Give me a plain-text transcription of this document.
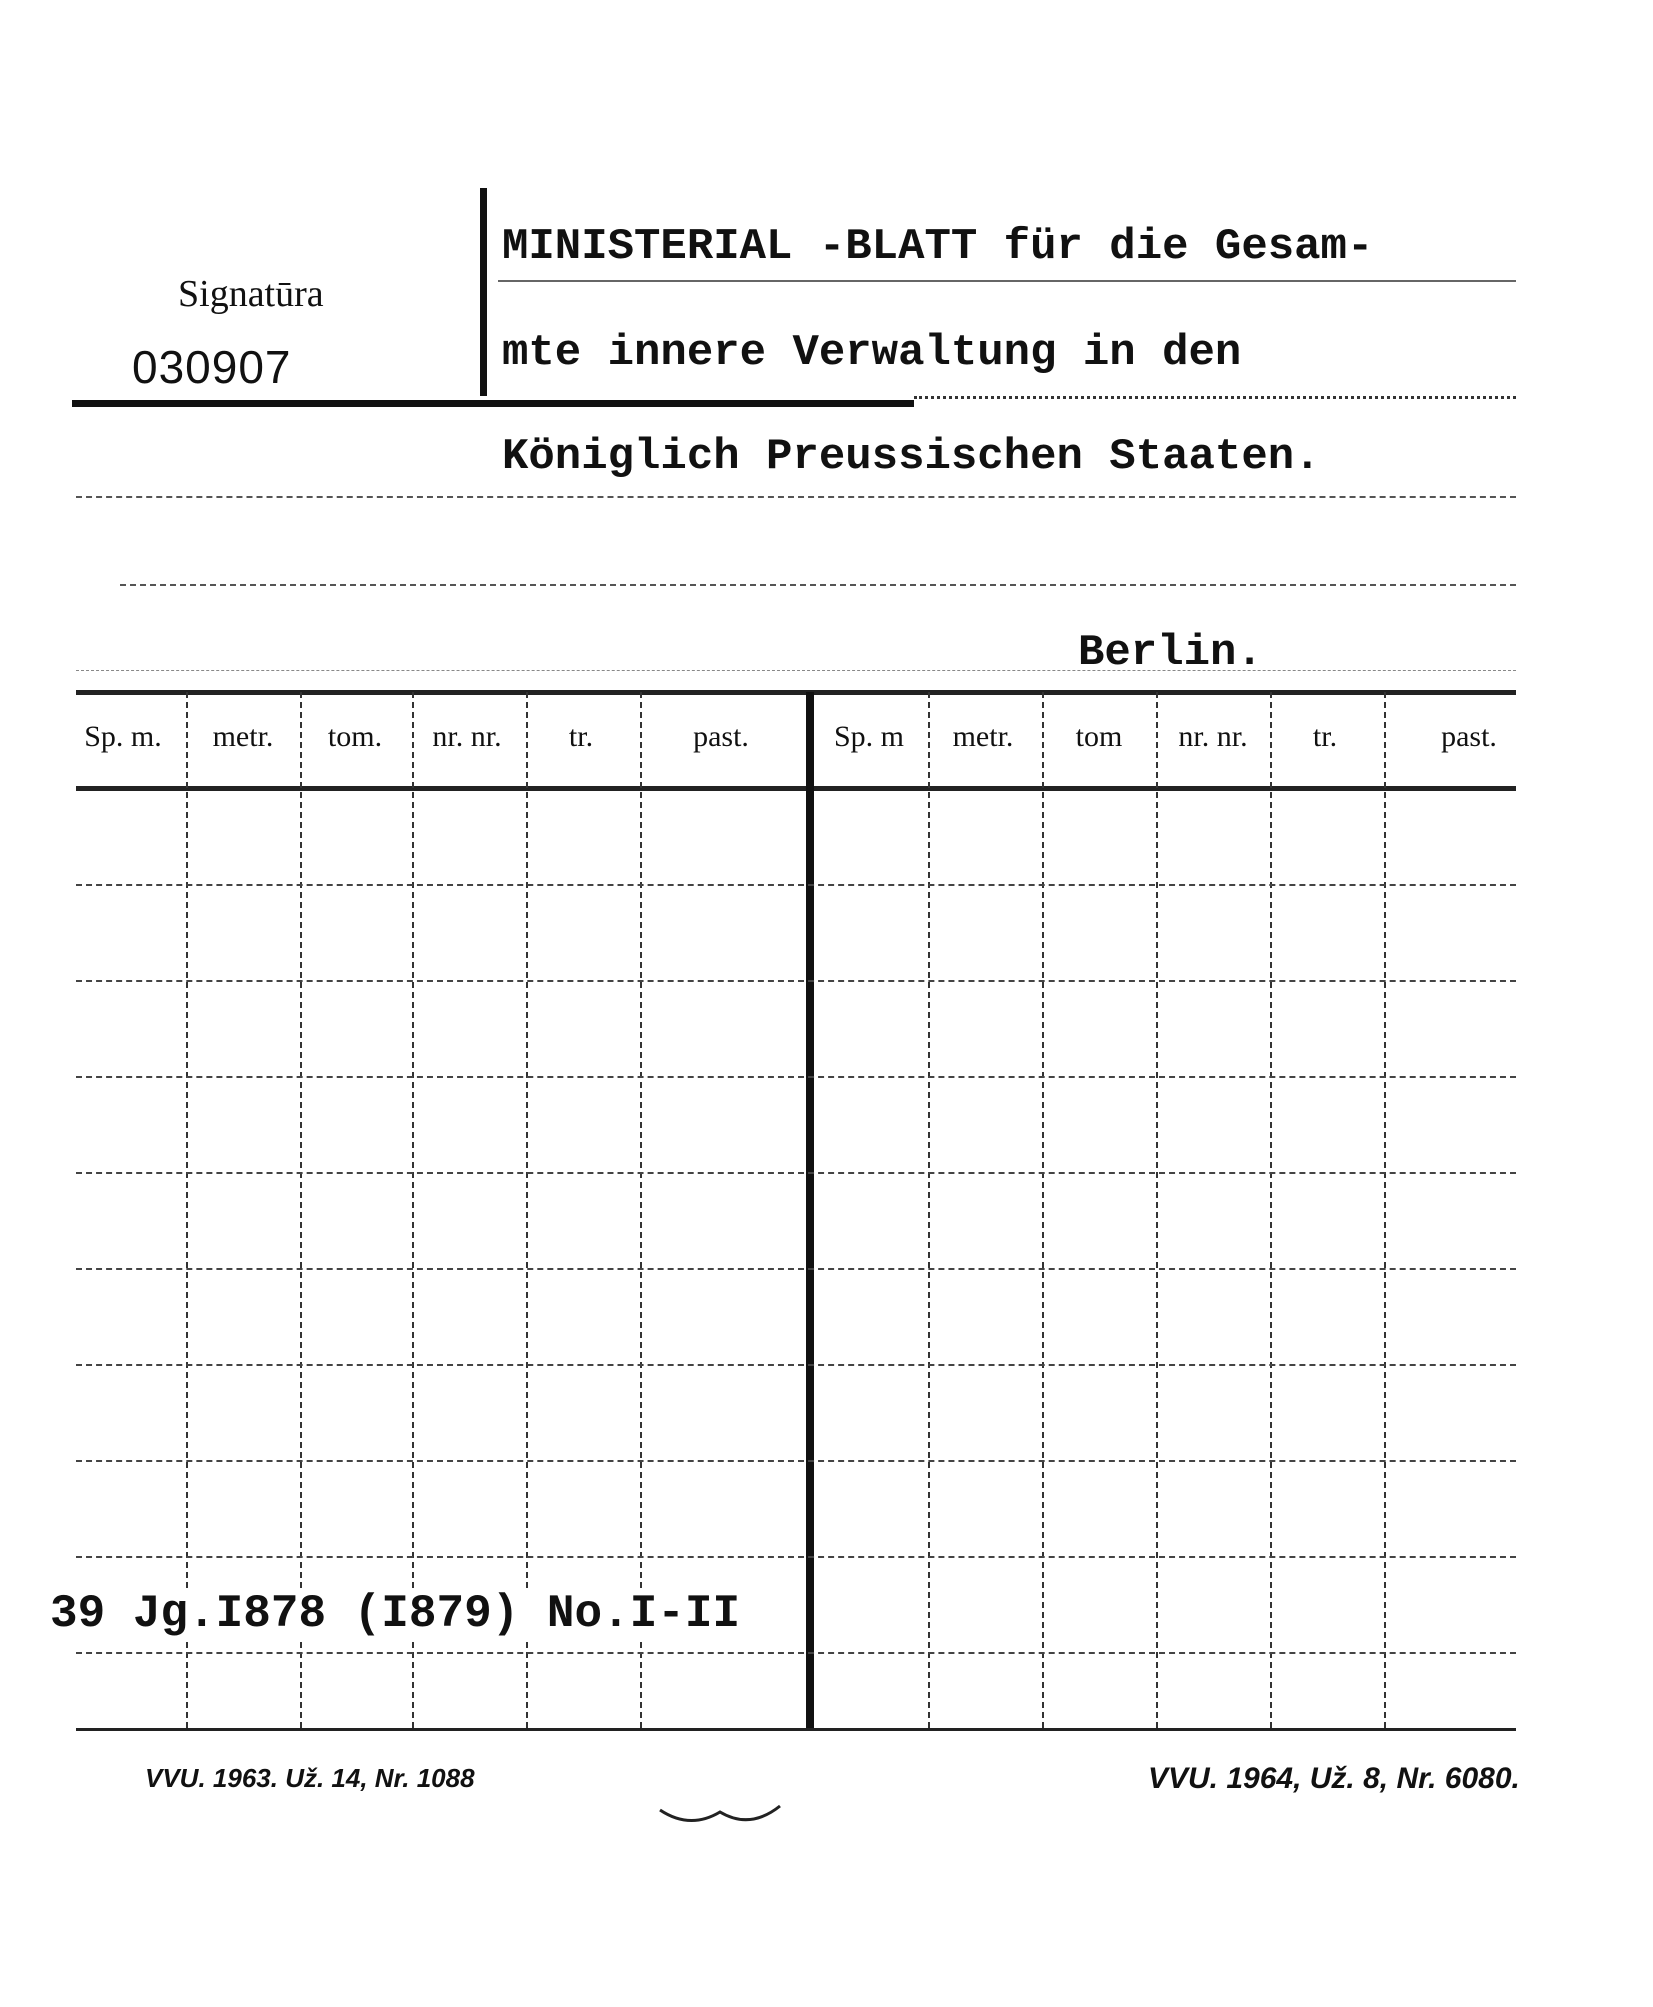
Signatūra
030907
MINISTERIAL -BLATT für die Gesam-
mte innere Verwaltung in den
Königlich Preussischen Staaten.
Berlin.
Sp. m.	metr.	tom.	nr. nr.	tr.	past.	Sp. m	metr.	tom	nr. nr.	tr.	past.
39 Jg.I878 (I879) No.I-II
VVU. 1963. Už. 14, Nr. 1088	VVU. 1964, Už. 8, Nr. 6080.
